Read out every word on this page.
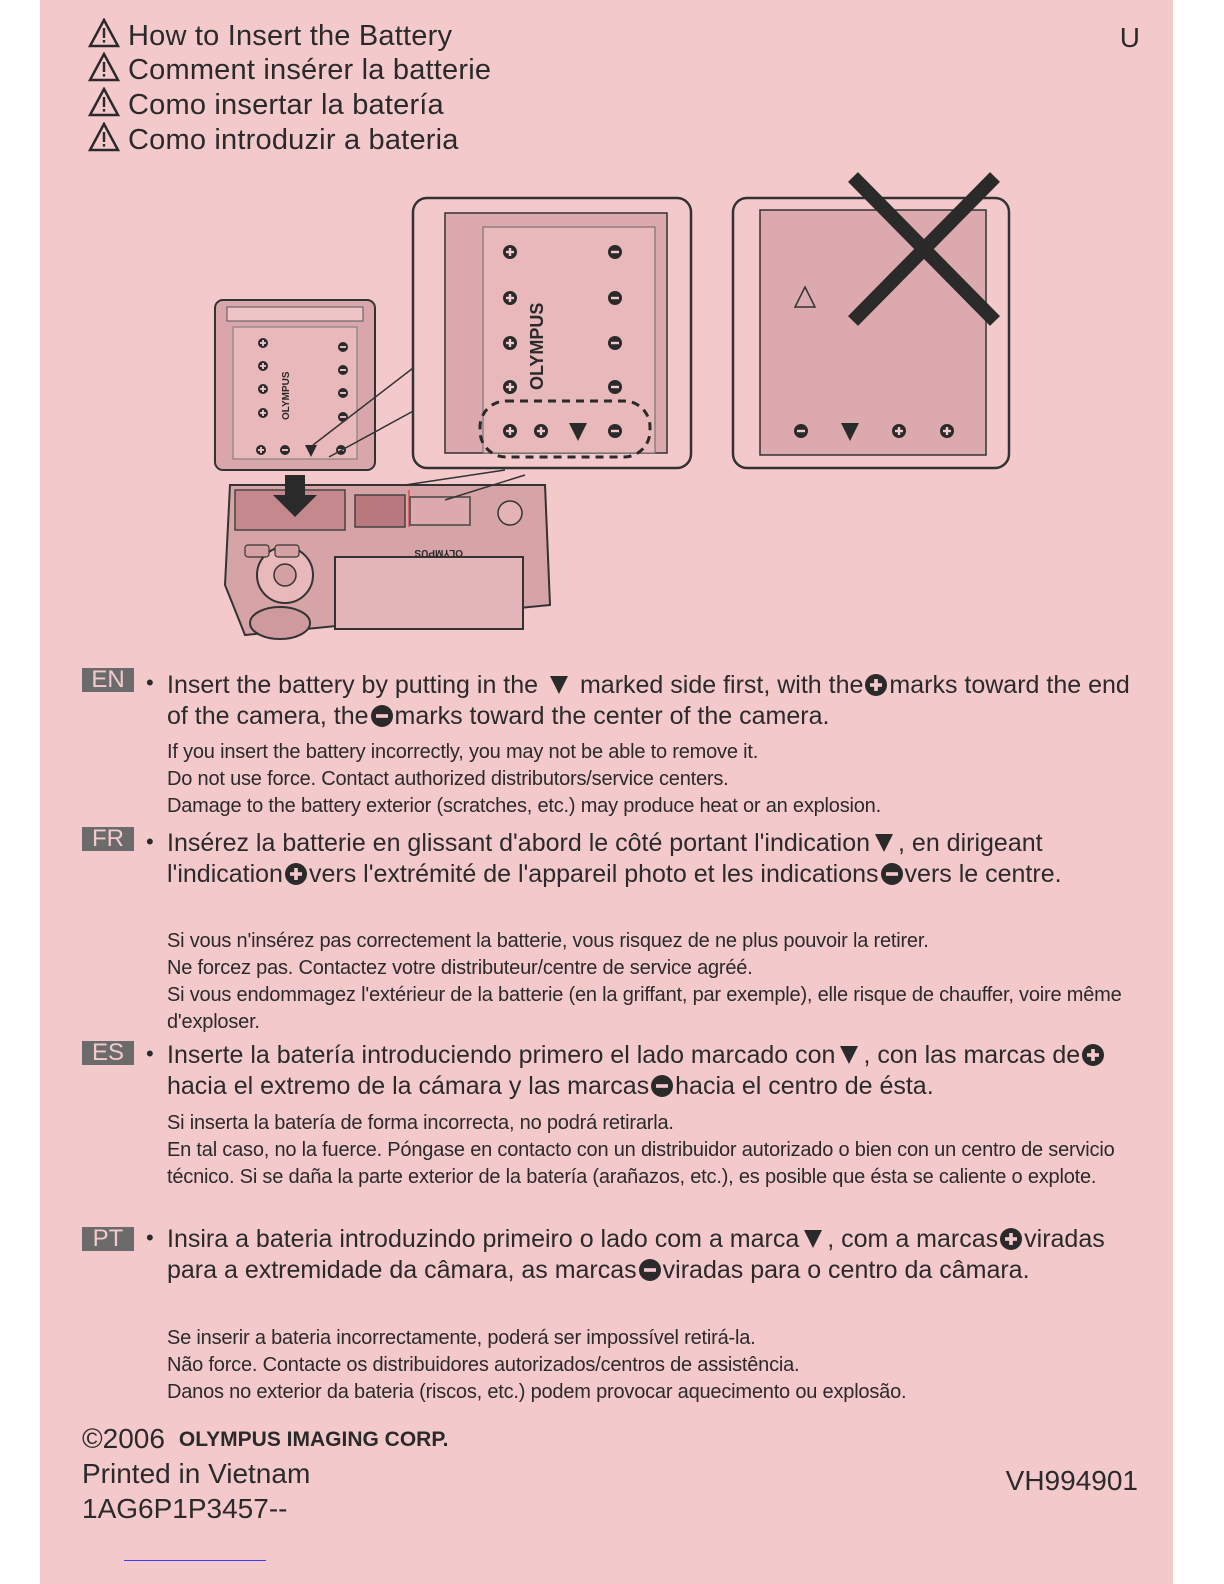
How to Insert the Battery
Comment insérer la batterie
Como insertar la batería
Como introduzir a bateria
U
OLYMPUS
OLYMPUS
OLYMPUS
EN • Insert the battery by putting in the marked side first, with the marks toward the end of the camera, the marks toward the center of the camera.
If you insert the battery incorrectly, you may not be able to remove it.
Do not use force. Contact authorized distributors/service centers.
Damage to the battery exterior (scratches, etc.) may produce heat or an explosion.
FR	• Insérez la batterie en glissant d'abord le côté portant l'indication , en dirigeant l'indication vers l'extrémité de l'appareil photo et les indications vers le centre.
Si vous n'insérez pas correctement la batterie, vous risquez de ne plus pouvoir la retirer.
Ne forcez pas. Contactez votre distributeur/centre de service agréé.
Si vous endommagez l'extérieur de la batterie (en la griffant, par exemple), elle risque de chauffer, voire même d'exploser.
ES	• Inserte la batería introduciendo primero el lado marcado con , con las marcas dehacia el extremo de la cámara y las marcas hacia el centro de ésta.
Si inserta la batería de forma incorrecta, no podrá retirarla.
En tal caso, no la fuerce. Póngase en contacto con un distribuidor autorizado o bien con un centro de servicio técnico. Si se daña la parte exterior de la batería (arañazos, etc.), es posible que ésta se caliente o explote.
PT	• Insira a bateria introduzindo primeiro o lado com a marca , com a marcas viradas para a extremidade da câmara, as marcas viradas para o centro da câmara.
Se inserir a bateria incorrectamente, poderá ser impossível retirá-la.
Não force. Contacte os distribuidores autorizados/centros de assistência.
Danos no exterior da bateria (riscos, etc.) podem provocar aquecimento ou explosão.
©2006 OLYMPUS IMAGING CORP.
Printed in Vietnam
1AG6P1P3457--
VH994901
